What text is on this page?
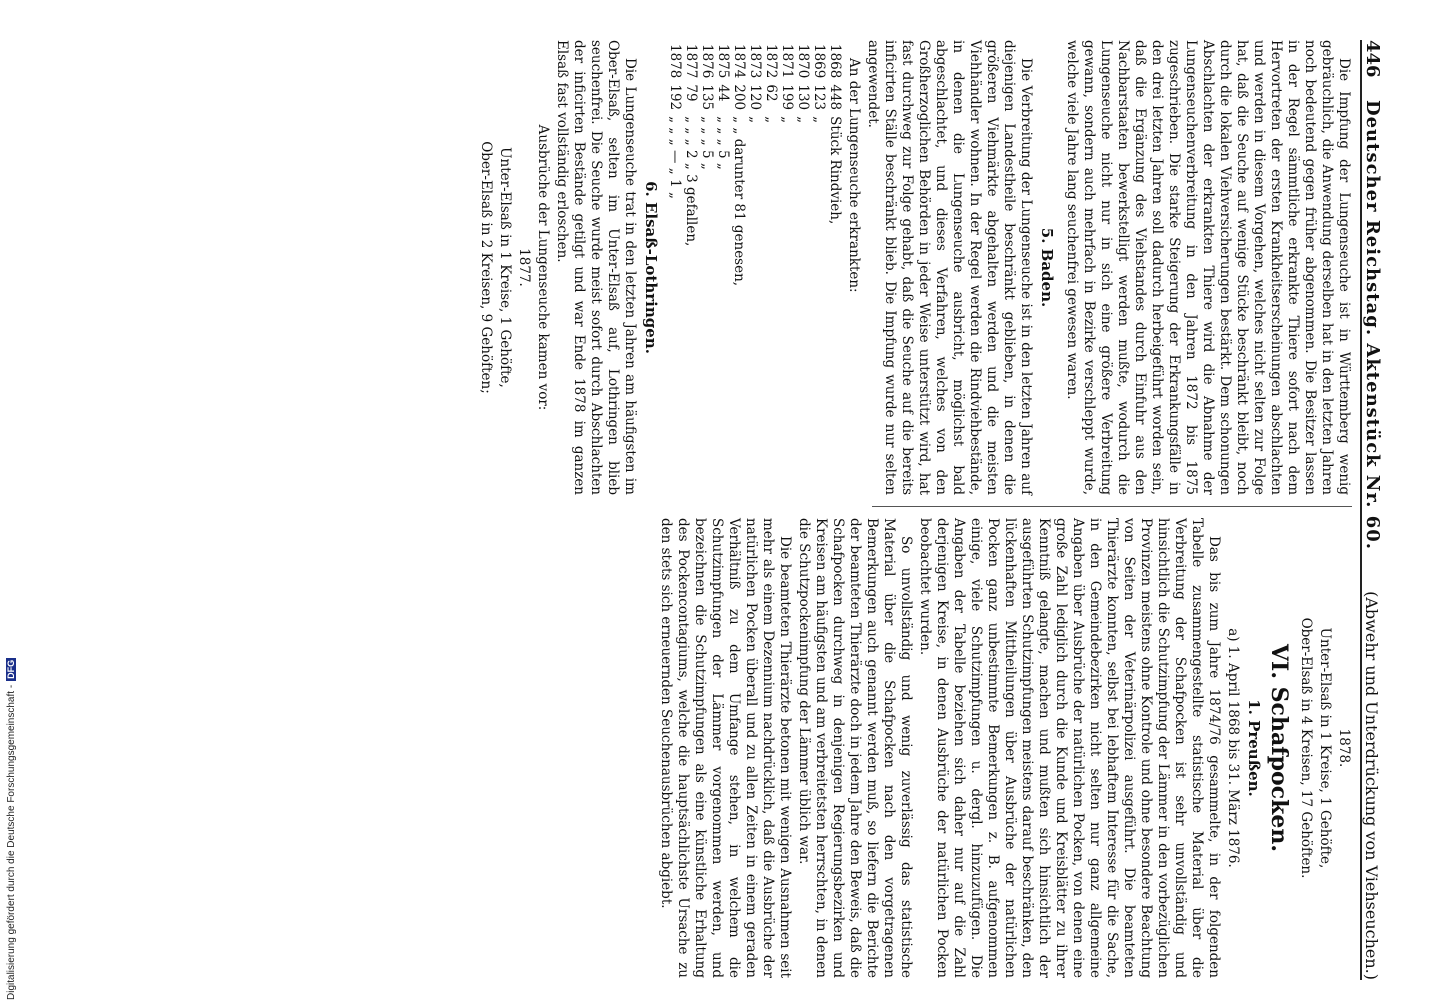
446
Deutscher Reichstag. Aktenstück Nr. 60.
(Abwehr und Unterdrückung von Viehseuchen.)

Die Impfung der Lungenseuche ist in Württemberg wenig gebräuchlich, die Anwendung derselben hat in den letzten Jahren noch bedeutend gegen früher abgenommen. Die Besitzer lassen in der Regel sämmtliche erkrankte Thiere sofort nach dem Hervortreten der ersten Krankheitserscheinungen abschlachten und werden in diesem Vorgehen, welches nicht selten zur Folge hat, daß die Seuche auf wenige Stücke beschränkt bleibt, noch durch die lokalen Viehversicherungen bestärkt. Dem schonungen Abschlachten der erkrankten Thiere wird die Abnahme der Lungenseuchenverbreitung in den Jahren 1872 bis 1875 zugeschrieben. Die starke Steigerung der Erkrankungsfälle in den drei letzten Jahren soll dadurch herbeigeführt worden sein, daß die Ergänzung des Viehstandes durch Einfuhr aus den Nachbarstaaten bewerkstelligt werden mußte, wodurch die Lungenseuche nicht nur in sich eine größere Verbreitung gewann, sondern auch mehrfach in Bezirke verschleppt wurde, welche viele Jahre lang seuchenfrei gewesen waren.

5. Baden.

Die Verbreitung der Lungenseuche ist in den letzten Jahren auf diejenigen Landestheile beschränkt geblieben, in denen die größeren Viehmärkte abgehalten werden und die meisten Viehhändler wohnen. In der Regel werden die Rindviehbestände, in denen die Lungenseuche ausbricht, möglichst bald abgeschlachtet, und dieses Verfahren, welches von den Großherzoglichen Behörden in jeder Weise unterstützt wird, hat fast durchweg zur Folge gehabt, daß die Seuche auf die bereits inficirten Ställe beschränkt blieb. Die Impfung wurde nur selten angewendet.

An der Lungenseuche erkrankten:

1868	448	Stück Rindvieh,
1869	123	„
1870	130	„
1871	199	„
1872	62	„
1873	120	„
1874	200	„ „ darunter 81 genesen,
1875	44	„ „ „ 5 „
1876	135	„ „ „ 5 „
1877	79	„ „ „ 2 „ 3 gefallen,
1878	192	„ „ „ — „ 1 „

6. Elsaß-Lothringen.

Die Lungenseuche trat in den letzten Jahren am häufigsten im Ober-Elsaß, selten im Unter-Elsaß auf, Lothringen blieb seuchenfrei. Die Seuche wurde meist sofort durch Abschlachten der inficirten Bestände getilgt und war Ende 1878 im ganzen Elsaß fast vollständig erloschen.

Ausbrüche der Lungenseuche kamen vor:

1877.

Unter-Elsaß in 1 Kreise, 1 Gehöfte,

Ober-Elsaß in 2 Kreisen, 9 Gehöften;

1878.

Unter-Elsaß in 1 Kreise, 1 Gehöfte,

Ober-Elsaß in 4 Kreisen, 17 Gehöften.

VI. Schafpocken.

1. Preußen.

a) 1. April 1868 bis 31. März 1876.

Das bis zum Jahre 1874/76 gesammelte, in der folgenden Tabelle zusammengestellte statistische Material über die Verbreitung der Schafpocken ist sehr unvollständig und hinsichtlich die Schutzimpfung der Lämmer in den vorbezüglichen Provinzen meistens ohne Kontrole und ohne besondere Beachtung von Seiten der Veterinärpolizei ausgeführt. Die beamteten Thierärzte konnten, selbst bei lebhaftem Interesse für die Sache, in den Gemeindebezirken nicht selten nur ganz allgemeine Angaben über Ausbrüche der natürlichen Pocken, von denen eine große Zahl lediglich durch die Kunde und Kreisblätter zu ihrer Kenntniß gelangte, machen und mußten sich hinsichtlich der ausgeführten Schutzimpfungen meistens darauf beschränken, den lückenhaften Mittheilungen über Ausbrüche der natürlichen Pocken ganz unbestimmte Bemerkungen z. B. aufgenommen einige, viele Schutzimpfungen u. dergl. hinzuzufügen. Die Angaben der Tabelle beziehen sich daher nur auf die Zahl derjenigen Kreise, in denen Ausbrüche der natürlichen Pocken beobachtet wurden.

So unvollständig und wenig zuverlässig das statistische Material über die Schafpocken nach den vorgetragenen Bemerkungen auch genannt werden muß, so liefern die Berichte der beamteten Thierärzte doch in jedem Jahre den Beweis, daß die Schafpocken durchweg in denjenigen Regierungsbezirken und Kreisen am häufigsten und am verbreitetsten herrschten, in denen die Schutzpockenimpfung der Lämmer üblich war.

Die beamteten Thierärzte betonen mit wenigen Ausnahmen seit mehr als einem Dezennium nachdrücklich, daß die Ausbrüche der natürlichen Pocken überall und zu allen Zeiten in einem geraden Verhältniß zu dem Umfange stehen, in welchem die Schutzimpfungen der Lämmer vorgenommen werden, und bezeichnen die Schutzimpfungen als eine künstliche Erhaltung des Pockencontagiums, welche die hauptsächlichste Ursache zu den stets sich erneuernden Seuchenausbrüchen abgiebt.

Digitalisierung gefördert durch die Deutsche Forschungsgemeinschaft -DFG
